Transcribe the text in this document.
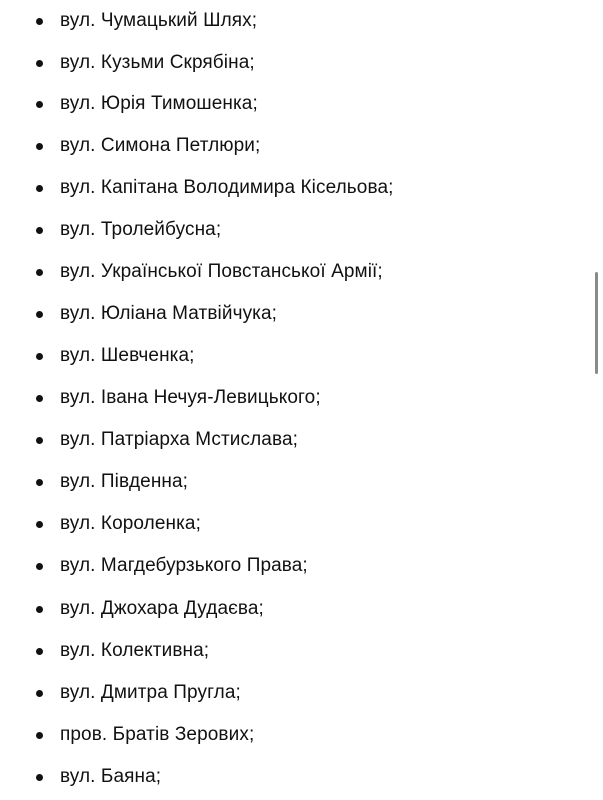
вул. Чумацький Шлях;
вул. Кузьми Скрябіна;
вул. Юрія Тимошенка;
вул. Симона Петлюри;
вул. Капітана Володимира Кісельова;
вул. Тролейбусна;
вул. Української Повстанської Армії;
вул. Юліана Матвійчука;
вул. Шевченка;
вул. Івана Нечуя-Левицького;
вул. Патріарха Мстислава;
вул. Південна;
вул. Короленка;
вул. Магдебурзького Права;
вул. Джохара Дудаєва;
вул. Колективна;
вул. Дмитра Пругла;
пров. Братів Зерових;
вул. Баяна;
